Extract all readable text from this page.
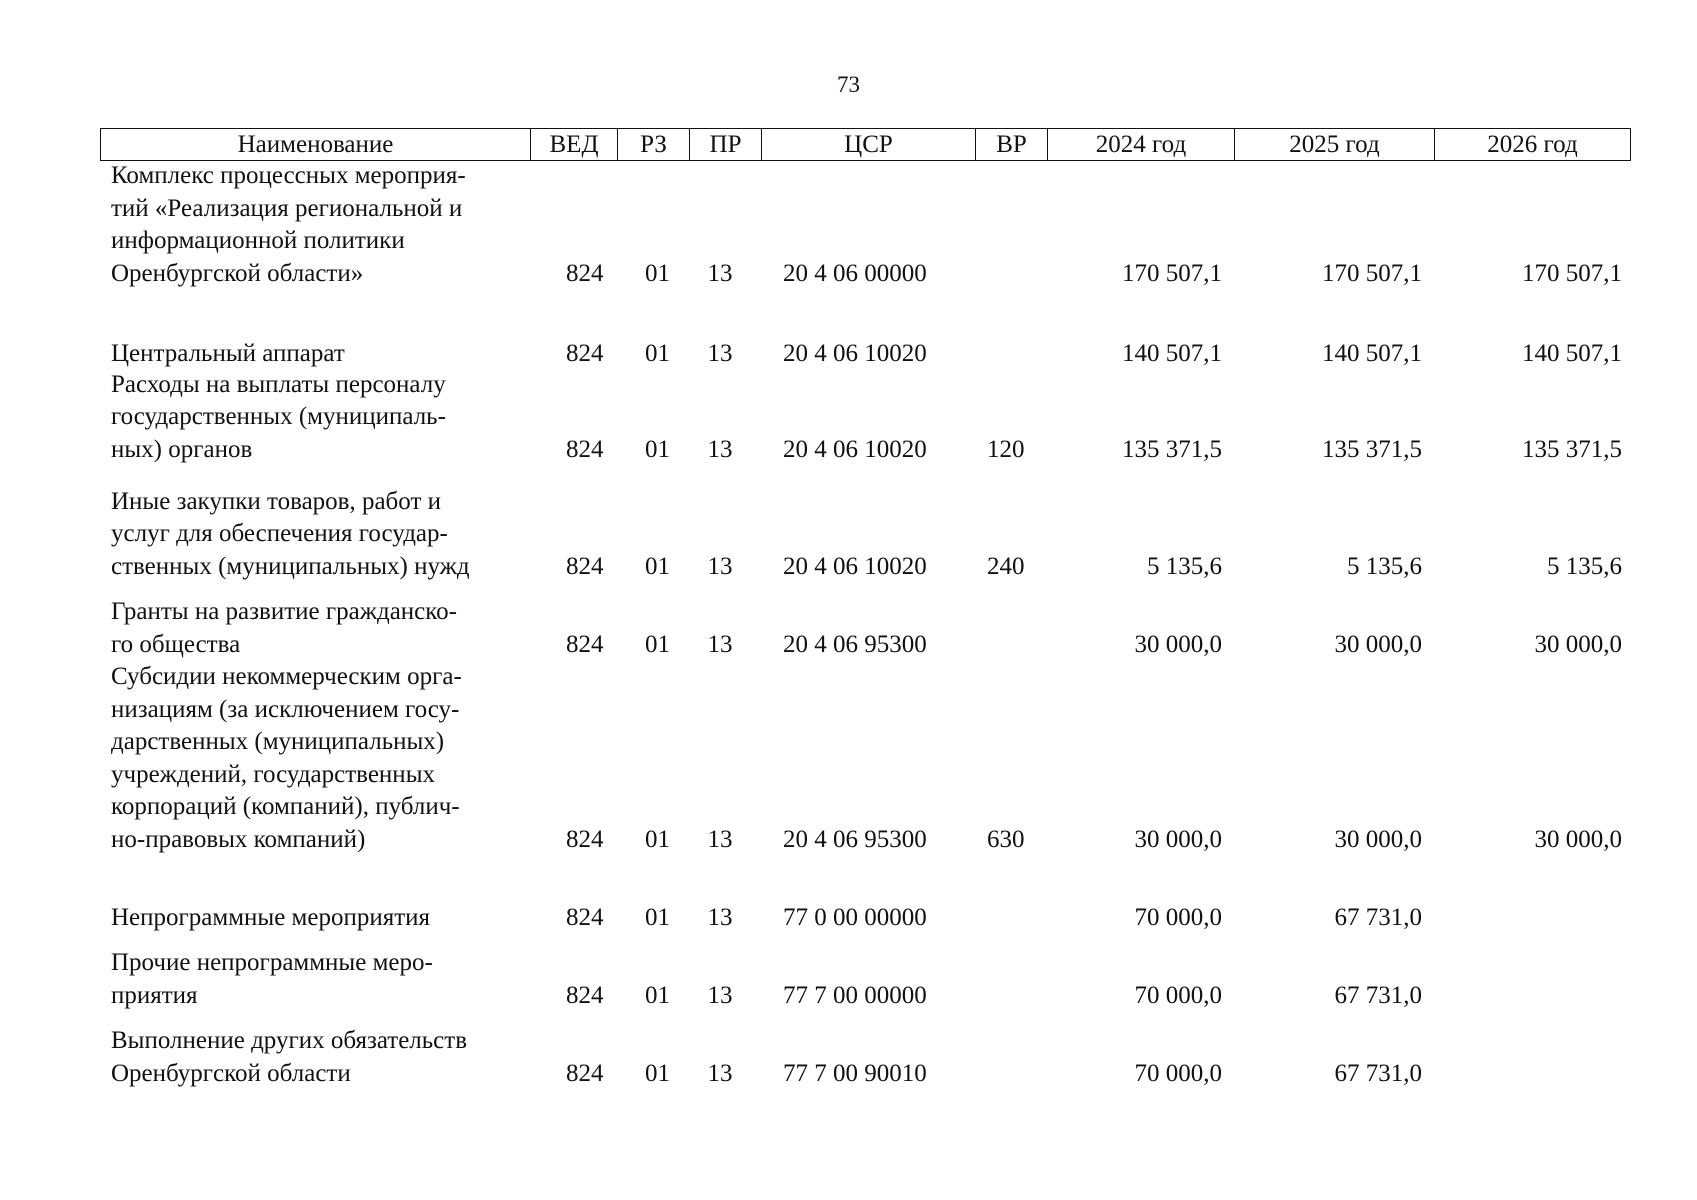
73
Наименование	ВЕД	РЗ	ПР	ЦСР	ВР	2024 год	2025 год	2026 год
Комплекс процессных мероприя-
тий «Реализация региональной и
информационной политики
Оренбургской области»	824 01 13 20 4 06 00000	170 507,1	170 507,1	170 507,1
Центральный аппарат	824 01 13 20 4 06 10020	140 507,1	140 507,1	140 507,1
Расходы на выплаты персоналу
государственных (муниципаль-
ных) органов	824 01 13 20 4 06 10020 120	135 371,5	135 371,5	135 371,5
Иные закупки товаров, работ и
услуг для обеспечения государ-
ственных (муниципальных) нужд	824 01 13 20 4 06 10020 240	5 135,6	5 135,6	5 135,6
Гранты на развитие гражданско-
го общества	824 01 13 20 4 06 95300	30 000,0	30 000,0	30 000,0
Субсидии некоммерческим орга-
низациям (за исключением госу-
дарственных (муниципальных)
учреждений, государственных
корпораций (компаний), публич-
но-правовых компаний)	824 01 13 20 4 06 95300 630	30 000,0	30 000,0	30 000,0
Непрограммные мероприятия	824 01 13 77 0 00 00000	70 000,0	67 731,0
Прочие непрограммные меро-
приятия	824 01 13 77 7 00 00000	70 000,0	67 731,0
Выполнение других обязательств
Оренбургской области	824 01 13 77 7 00 90010	70 000,0	67 731,0
